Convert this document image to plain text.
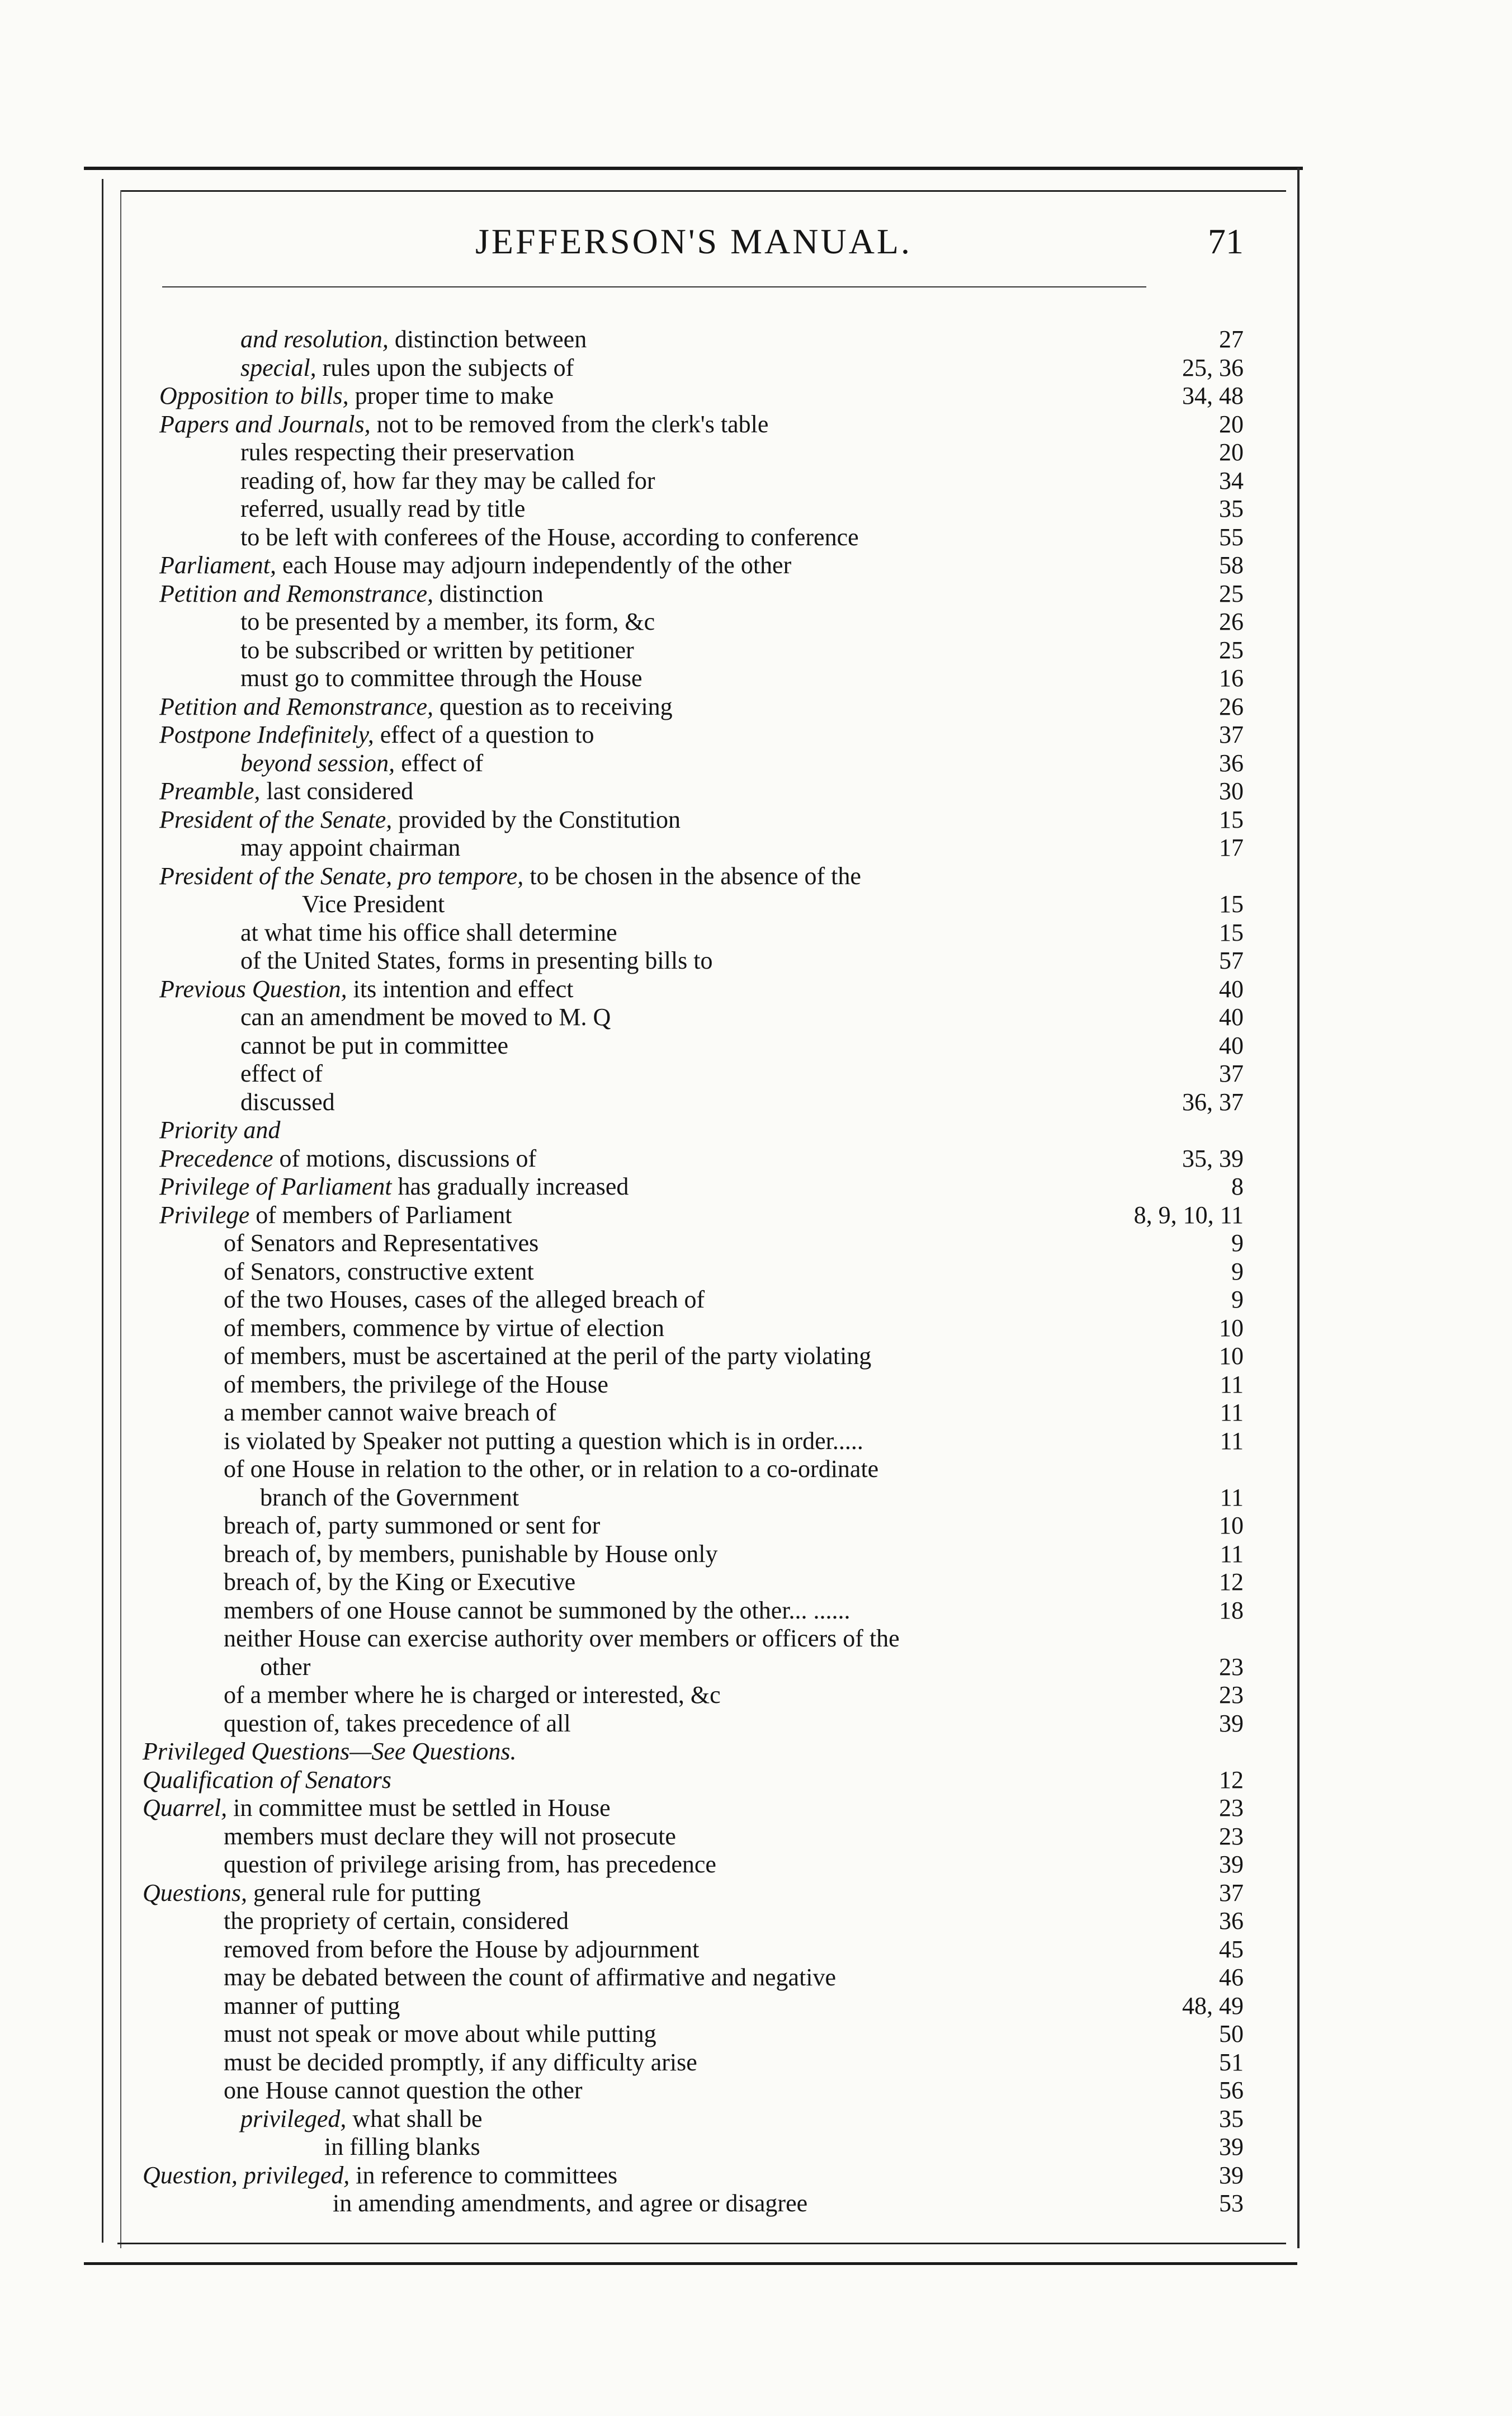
JEFFERSON'S MANUAL.	71
and resolution, distinction between	27
special, rules upon the subjects of	25, 36
Opposition to bills, proper time to make	34, 48
Papers and Journals, not to be removed from the clerk's table	20
rules respecting their preservation	20
reading of, how far they may be called for	34
referred, usually read by title	35
to be left with conferees of the House, according to conference	55
Parliament, each House may adjourn independently of the other	58
Petition and Remonstrance, distinction	25
to be presented by a member, its form, &c	26
to be subscribed or written by petitioner	25
must go to committee through the House	16
Petition and Remonstrance, question as to receiving	26
Postpone Indefinitely, effect of a question to	37
beyond session, effect of	36
Preamble, last considered	30
President of the Senate, provided by the Constitution	15
may appoint chairman	17
President of the Senate, pro tempore, to be chosen in the absence of the
Vice President	15
at what time his office shall determine	15
of the United States, forms in presenting bills to	57
Previous Question, its intention and effect	40
can an amendment be moved to M. Q	40
cannot be put in committee	40
effect of	37
discussed	36, 37
Priority and
Precedence of motions, discussions of	35, 39
Privilege of Parliament has gradually increased	8
Privilege of members of Parliament	8, 9, 10, 11
of Senators and Representatives	9
of Senators, constructive extent	9
of the two Houses, cases of the alleged breach of	9
of members, commence by virtue of election	10
of members, must be ascertained at the peril of the party violating	10
of members, the privilege of the House	11
a member cannot waive breach of	11
is violated by Speaker not putting a question which is in order.....	11
of one House in relation to the other, or in relation to a co-ordinate
branch of the Government	11
breach of, party summoned or sent for	10
breach of, by members, punishable by House only	11
breach of, by the King or Executive	12
members of one House cannot be summoned by the other... ......	18
neither House can exercise authority over members or officers of the
other	23
of a member where he is charged or interested, &c	23
question of, takes precedence of all	39
Privileged Questions—See Questions.
Qualification of Senators	12
Quarrel, in committee must be settled in House	23
members must declare they will not prosecute	23
question of privilege arising from, has precedence	39
Questions, general rule for putting	37
the propriety of certain, considered	36
removed from before the House by adjournment	45
may be debated between the count of affirmative and negative	46
manner of putting	48, 49
must not speak or move about while putting	50
must be decided promptly, if any difficulty arise	51
one House cannot question the other	56
privileged, what shall be	35
in filling blanks	39
Question, privileged, in reference to committees	39
in amending amendments, and agree or disagree	53
